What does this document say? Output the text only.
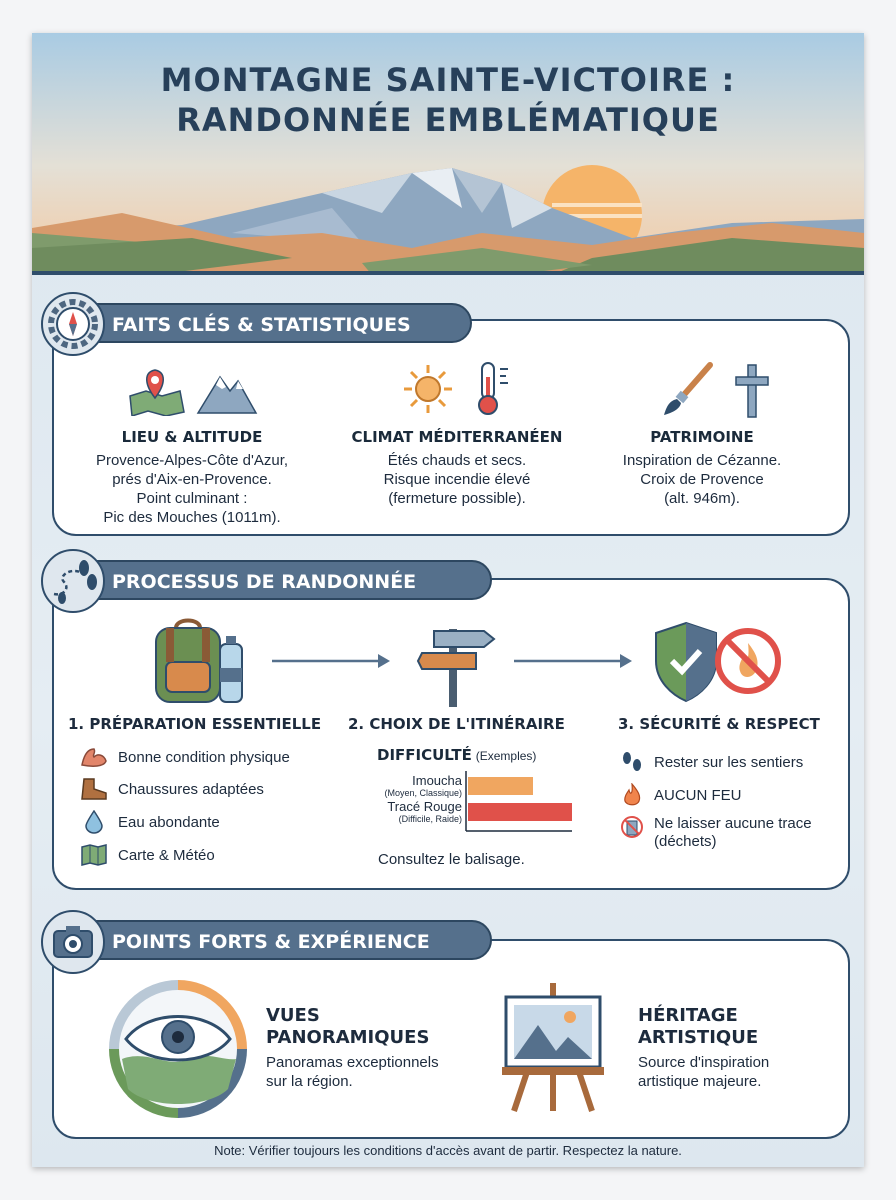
MONTAGNE SAINTE-VICTOIRE :
RANDONNÉE EMBLÉMATIQUE
FAITS CLÉS & STATISTIQUES
LIEU & ALTITUDE
Provence-Alpes-Côte d'Azur,
prés d'Aix-en-Provence.
Point culminant :
Pic des Mouches (1011m).
CLIMAT MÉDITERRANÉEN
Étés chauds et secs.
Risque incendie élevé
(fermeture possible).
PATRIMOINE
Inspiration de Cézanne.
Croix de Provence
(alt. 946m).
PROCESSUS DE RANDONNÉE
1. PRÉPARATION ESSENTIELLE 2. CHOIX DE L'ITINÉRAIRE	3. SÉCURITÉ & RESPECT
Bonne condition physique
Chaussures adaptées
Eau abondante
Carte & Météo
DIFFICULTÉ (Exemples)
Imoucha
(Moyen, Classique)
Tracé Rouge
(Difficile, Raide)
Consultez le balisage.
Rester sur les sentiers
AUCUN FEU
Ne laisser aucune trace
(déchets)
POINTS FORTS & EXPÉRIENCE
VUES
PANORAMIQUES
Panoramas exceptionnels
sur la région.
HÉRITAGE
ARTISTIQUE
Source d'inspiration
artistique majeure.
Note: Vérifier toujours les conditions d'accès avant de partir. Respectez la nature.
